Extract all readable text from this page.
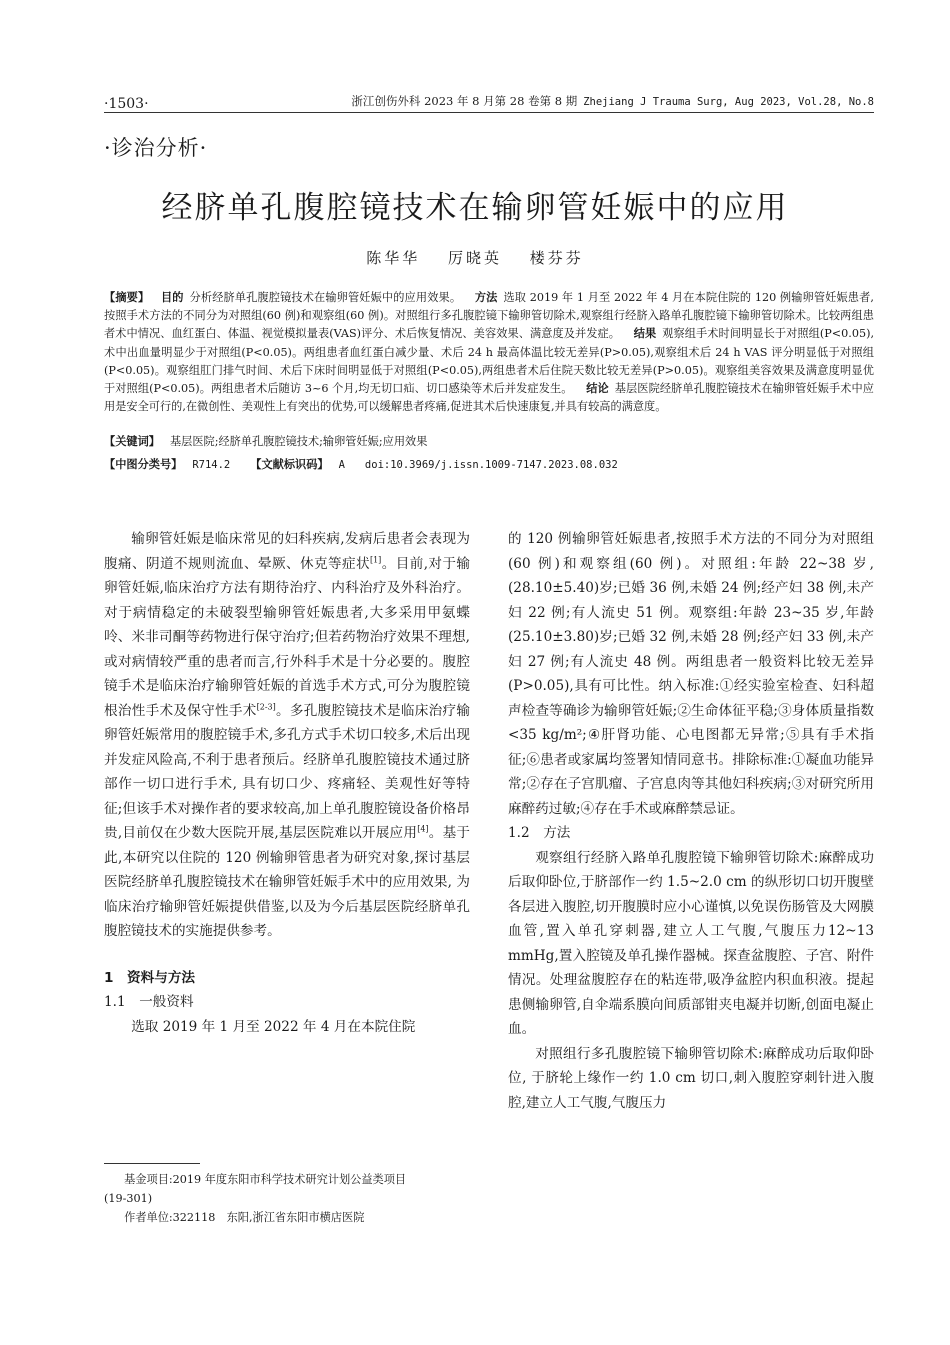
·1503·	浙江创伤外科 2023 年 8 月第 28 卷第 8 期 Zhejiang J Trauma Surg, Aug 2023, Vol.28, No.8
·诊治分析·
经脐单孔腹腔镜技术在输卵管妊娠中的应用
陈华华 厉晓英 楼芬芬
【摘要】 目的 分析经脐单孔腹腔镜技术在输卵管妊娠中的应用效果。 方法 选取 2019 年 1 月至 2022 年 4 月在本院住院的 120 例输卵管妊娠患者,按照手术方法的不同分为对照组(60 例)和观察组(60 例)。对照组行多孔腹腔镜下输卵管切除术,观察组行经脐入路单孔腹腔镜下输卵管切除术。比较两组患者术中情况、血红蛋白、体温、视觉模拟量表(VAS)评分、术后恢复情况、美容效果、满意度及并发症。 结果 观察组手术时间明显长于对照组(P<0.05),术中出血量明显少于对照组(P<0.05)。两组患者血红蛋白减少量、术后 24 h 最高体温比较无差异(P>0.05),观察组术后 24 h VAS 评分明显低于对照组(P<0.05)。观察组肛门排气时间、术后下床时间明显低于对照组(P<0.05),两组患者术后住院天数比较无差异(P>0.05)。观察组美容效果及满意度明显优于对照组(P<0.05)。两组患者术后随访 3~6 个月,均无切口疝、切口感染等术后并发症发生。 结论 基层医院经脐单孔腹腔镜技术在输卵管妊娠手术中应用是安全可行的,在微创性、美观性上有突出的优势,可以缓解患者疼痛,促进其术后快速康复,并具有较高的满意度。
【关键词】 基层医院;经脐单孔腹腔镜技术;输卵管妊娠;应用效果
【中图分类号】 R714.2 【文献标识码】 A doi:10.3969/j.issn.1009-7147.2023.08.032

输卵管妊娠是临床常见的妇科疾病,发病后患者会表现为腹痛、阴道不规则流血、晕厥、休克等症状[1]。目前,对于输卵管妊娠,临床治疗方法有期待治疗、内科治疗及外科治疗。对于病情稳定的未破裂型输卵管妊娠患者,大多采用甲氨蝶呤、米非司酮等药物进行保守治疗;但若药物治疗效果不理想,或对病情较严重的患者而言,行外科手术是十分必要的。腹腔镜手术是临床治疗输卵管妊娠的首选手术方式,可分为腹腔镜根治性手术及保守性手术[2-3]。多孔腹腔镜技术是临床治疗输卵管妊娠常用的腹腔镜手术,多孔方式手术切口较多,术后出现并发症风险高,不利于患者预后。经脐单孔腹腔镜技术通过脐部作一切口进行手术, 具有切口少、疼痛轻、美观性好等特征;但该手术对操作者的要求较高,加上单孔腹腔镜设备价格昂贵,目前仅在少数大医院开展,基层医院难以开展应用[4]。基于此,本研究以住院的 120 例输卵管患者为研究对象,探讨基层医院经脐单孔腹腔镜技术在输卵管妊娠手术中的应用效果, 为临床治疗输卵管妊娠提供借鉴,以及为今后基层医院经脐单孔腹腔镜技术的实施提供参考。

1　资料与方法
1.1　一般资料

选取 2019 年 1 月至 2022 年 4 月在本院住院

基金项目:2019 年度东阳市科学技术研究计划公益类项目
(19-301)
作者单位:322118　东阳,浙江省东阳市横店医院

的 120 例输卵管妊娠患者,按照手术方法的不同分为对照组(60 例)和观察组(60 例)。对照组:年龄 22~38 岁,(28.10±5.40)岁;已婚 36 例,未婚 24 例;经产妇 38 例,未产妇 22 例;有人流史 51 例。观察组:年龄 23~35 岁,年龄(25.10±3.80)岁;已婚 32 例,未婚 28 例;经产妇 33 例,未产妇 27 例;有人流史 48 例。两组患者一般资料比较无差异(P>0.05),具有可比性。纳入标准:①经实验室检查、妇科超声检查等确诊为输卵管妊娠;②生命体征平稳;③身体质量指数<35 kg/m²;④肝肾功能、心电图都无异常;⑤具有手术指征;⑥患者或家属均签署知情同意书。排除标准:①凝血功能异常;②存在子宫肌瘤、子宫息肉等其他妇科疾病;③对研究所用麻醉药过敏;④存在手术或麻醉禁忌证。

1.2　方法

观察组行经脐入路单孔腹腔镜下输卵管切除术:麻醉成功后取仰卧位,于脐部作一约 1.5~2.0 cm 的纵形切口切开腹壁各层进入腹腔,切开腹膜时应小心谨慎,以免误伤肠管及大网膜血管,置入单孔穿刺器,建立人工气腹,气腹压力12~13 mmHg,置入腔镜及单孔操作器械。探查盆腹腔、子宫、附件情况。处理盆腹腔存在的粘连带,吸净盆腔内积血积液。提起患侧输卵管,自伞端系膜向间质部钳夹电凝并切断,创面电凝止血。

对照组行多孔腹腔镜下输卵管切除术:麻醉成功后取仰卧位, 于脐轮上缘作一约 1.0 cm 切口,刺入腹腔穿刺针进入腹腔,建立人工气腹,气腹压力
